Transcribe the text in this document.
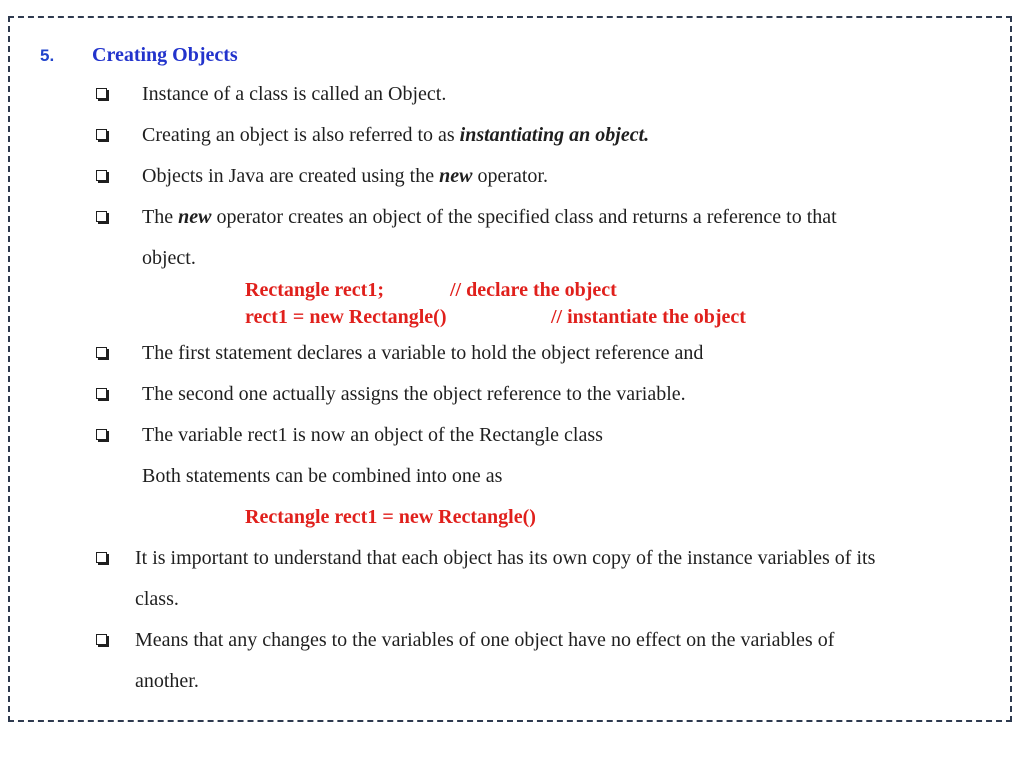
5. Creating Objects
Instance of a class is called an Object.
Creating an object is also referred to as instantiating an object.
Objects in Java are created using the new operator.
The new operator creates an object of the specified class and returns a reference to that
object.
Rectangle rect1;	// declare the object
rect1 = new Rectangle()	// instantiate the object
The first statement declares a variable to hold the object reference and
The second one actually assigns the object reference to the variable.
The variable rect1 is now an object of the Rectangle class
Both statements can be combined into one as
Rectangle rect1 = new Rectangle()
It is important to understand that each object has its own copy of the instance variables of its
class.
Means that any changes to the variables of one object have no effect on the variables of
another.
